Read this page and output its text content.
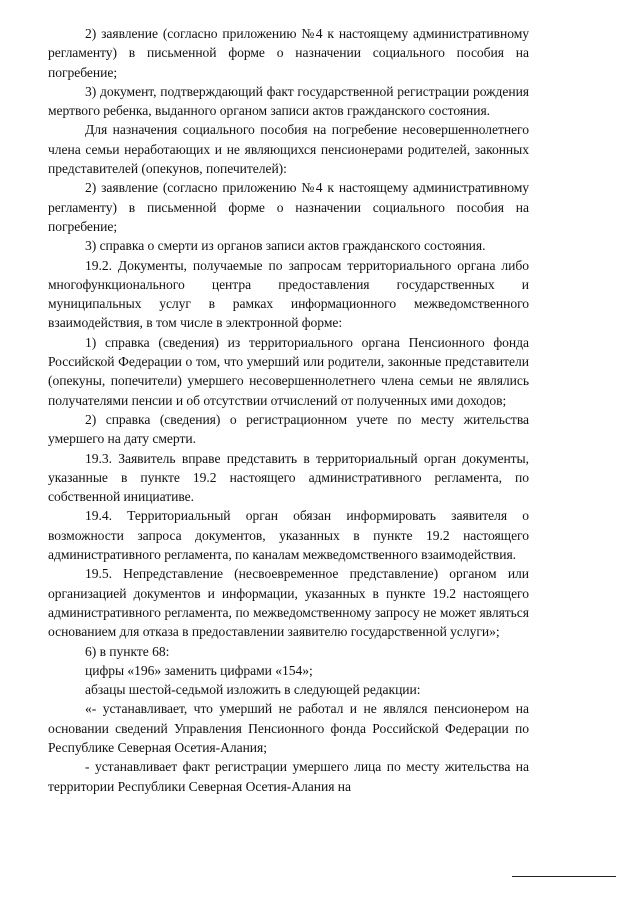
2) заявление (согласно приложению №4 к настоящему административному регламенту) в письменной форме о назначении социального пособия на погребение;

3) документ, подтверждающий факт государственной регистрации рождения мертвого ребенка, выданного органом записи актов гражданского состояния.

Для назначения социального пособия на погребение несовершеннолетнего члена семьи неработающих и не являющихся пенсионерами родителей, законных представителей (опекунов, попечителей):

2) заявление (согласно приложению №4 к настоящему административному регламенту) в письменной форме о назначении социального пособия на погребение;

3) справка о смерти из органов записи актов гражданского состояния.

19.2. Документы, получаемые по запросам территориального органа либо многофункционального центра предоставления государственных и муниципальных услуг в рамках информационного межведомственного взаимодействия, в том числе в электронной форме:

1) справка (сведения) из территориального органа Пенсионного фонда Российской Федерации о том, что умерший или родители, законные представители (опекуны, попечители) умершего несовершеннолетнего члена семьи не являлись получателями пенсии и об отсутствии отчислений от полученных ими доходов;

2) справка (сведения) о регистрационном учете по месту жительства умершего на дату смерти.

19.3. Заявитель вправе представить в территориальный орган документы, указанные в пункте 19.2 настоящего административного регламента, по собственной инициативе.

19.4. Территориальный орган обязан информировать заявителя о возможности запроса документов, указанных в пункте 19.2 настоящего административного регламента, по каналам межведомственного взаимодействия.

19.5. Непредставление (несвоевременное представление) органом или организацией документов и информации, указанных в пункте 19.2 настоящего административного регламента, по межведомственному запросу не может являться основанием для отказа в предоставлении заявителю государственной услуги»;

6) в пункте 68:

цифры «196» заменить цифрами «154»;

абзацы шестой-седьмой изложить в следующей редакции:

«- устанавливает, что умерший не работал и не являлся пенсионером на основании сведений Управления Пенсионного фонда Российской Федерации по Республике Северная Осетия-Алания;

- устанавливает факт регистрации умершего лица по месту жительства на территории Республики Северная Осетия-Алания на
